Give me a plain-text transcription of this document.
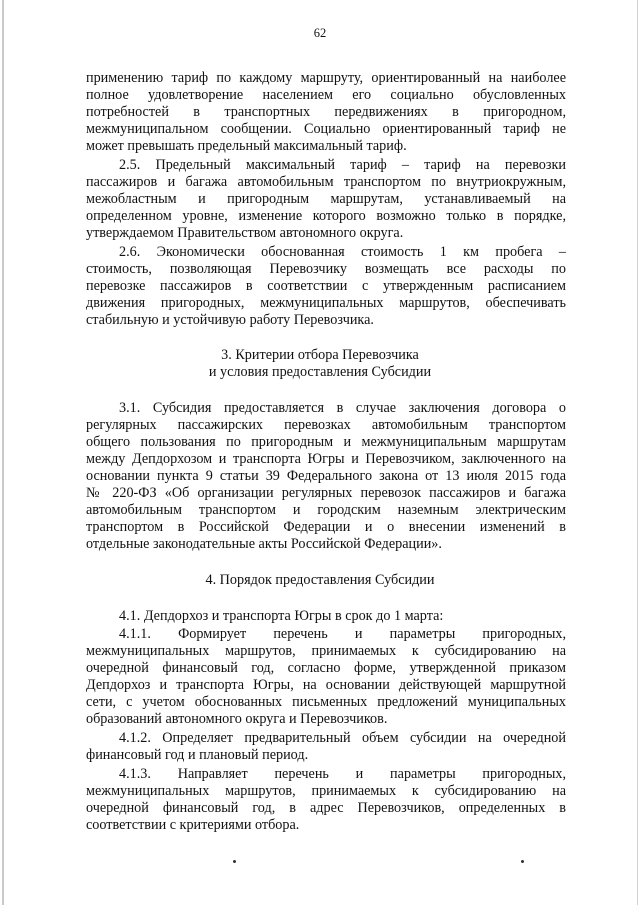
62
применению тариф по каждому маршруту, ориентированный на наиболее
полное удовлетворение населением его социально обусловленных
потребностей в транспортных передвижениях в пригородном,
межмуниципальном сообщении. Социально ориентированный тариф не
может превышать предельный максимальный тариф.
2.5. Предельный максимальный тариф – тариф на перевозки
пассажиров и багажа автомобильным транспортом по внутриокружным,
межобластным и пригородным маршрутам, устанавливаемый на
определенном уровне, изменение которого возможно только в порядке,
утверждаемом Правительством автономного округа.
2.6. Экономически обоснованная стоимость 1 км пробега –
стоимость, позволяющая Перевозчику возмещать все расходы по
перевозке пассажиров в соответствии с утвержденным расписанием
движения пригородных, межмуниципальных маршрутов, обеспечивать
стабильную и устойчивую работу Перевозчика.
3. Критерии отбора Перевозчика
и условия предоставления Субсидии
3.1. Субсидия предоставляется в случае заключения договора о
регулярных пассажирских перевозках автомобильным транспортом
общего пользования по пригородным и межмуниципальным маршрутам
между Депдорхозом и транспорта Югры и Перевозчиком, заключенного на
основании пункта 9 статьи 39 Федерального закона от 13 июля 2015 года
№ 220-ФЗ «Об организации регулярных перевозок пассажиров и багажа
автомобильным транспортом и городским наземным электрическим
транспортом в Российской Федерации и о внесении изменений в
отдельные законодательные акты Российской Федерации».
4. Порядок предоставления Субсидии
4.1. Депдорхоз и транспорта Югры в срок до 1 марта:
4.1.1. Формирует перечень и параметры пригородных,
межмуниципальных маршрутов, принимаемых к субсидированию на
очередной финансовый год, согласно форме, утвержденной приказом
Депдорхоз и транспорта Югры, на основании действующей маршрутной
сети, с учетом обоснованных письменных предложений муниципальных
образований автономного округа и Перевозчиков.
4.1.2. Определяет предварительный объем субсидии на очередной
финансовый год и плановый период.
4.1.3. Направляет перечень и параметры пригородных,
межмуниципальных маршрутов, принимаемых к субсидированию на
очередной финансовый год, в адрес Перевозчиков, определенных в
соответствии с критериями отбора.
